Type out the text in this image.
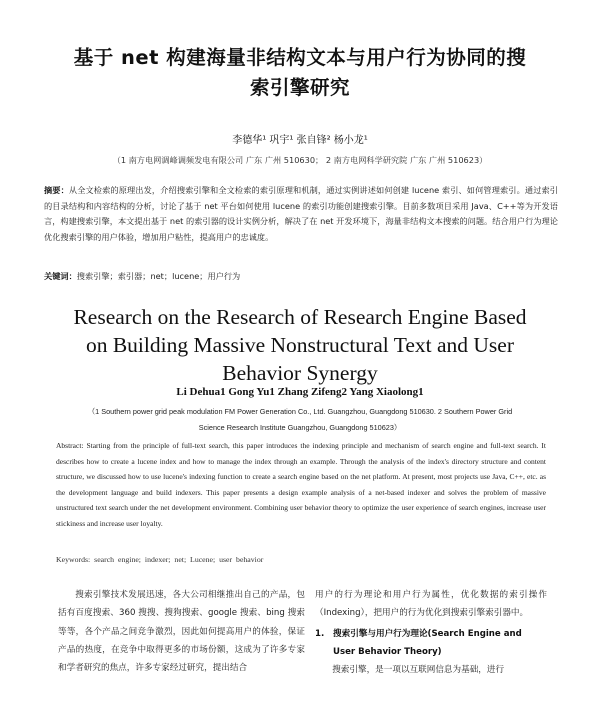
基于 net 构建海量非结构文本与用户行为协同的搜
索引擎研究
李德华¹ 巩宇¹ 张自锋² 杨小龙¹
（1 南方电网调峰调频发电有限公司 广东 广州 510630； 2 南方电网科学研究院 广东 广州 510623）
摘要：从全文检索的原理出发，介绍搜索引擎和全文检索的索引原理和机制，通过实例讲述如何创建 lucene 索引、如何管理索引。通过索引的目录结构和内容结构的分析，讨论了基于 net 平台如何使用 lucene 的索引功能创建搜索引擎。目前多数项目采用 Java、C++等为开发语言，构建搜索引擎，本文提出基于 net 的索引器的设计实例分析，解决了在 net 开发环境下，海量非结构文本搜索的问题。结合用户行为理论优化搜索引擎的用户体验，增加用户粘性，提高用户的忠诚度。
关键词：搜索引擎；索引器；net；lucene；用户行为
Research on the Research of Research Engine Based
on Building Massive Nonstructural Text and User
Behavior Synergy
Li Dehua1 Gong Yu1 Zhang Zifeng2 Yang Xiaolong1
（1 Southern power grid peak modulation FM Power Generation Co., Ltd. Guangzhou, Guangdong 510630. 2 Southern Power Grid
Science Research Institute Guangzhou, Guangdong 510623）
Abstract: Starting from the principle of full-text search, this paper introduces the indexing principle and mechanism of search engine and full-text search. It describes how to create a lucene index and how to manage the index through an example. Through the analysis of the index's directory structure and content structure, we discussed how to use lucene's indexing function to create a search engine based on the net platform. At present, most projects use Java, C++, etc. as the development language and build indexers. This paper presents a design example analysis of a net-based indexer and solves the problem of massive unstructured text search under the net development environment. Combining user behavior theory to optimize the user experience of search engines, increase user stickiness and increase user loyalty.
Keywords: search engine; indexer; net; Lucene; user behavior

搜索引擎技术发展迅速，各大公司相继推出自己的产品，包括有百度搜索、360 搜搜、搜狗搜索、google 搜索、bing 搜索等等，各个产品之间竞争激烈，因此如何提高用户的体验，保证产品的热度，在竞争中取得更多的市场份额，这成为了许多专家和学者研究的焦点，许多专家经过研究，提出结合

用户的行为理论和用户行为属性，优化数据的索引操作（Indexing），把用户的行为优化到搜索引擎索引器中。

1. 搜索引擎与用户行为理论(Search Engine and

User Behavior Theory)

搜索引擎，是一项以互联网信息为基础，进行
